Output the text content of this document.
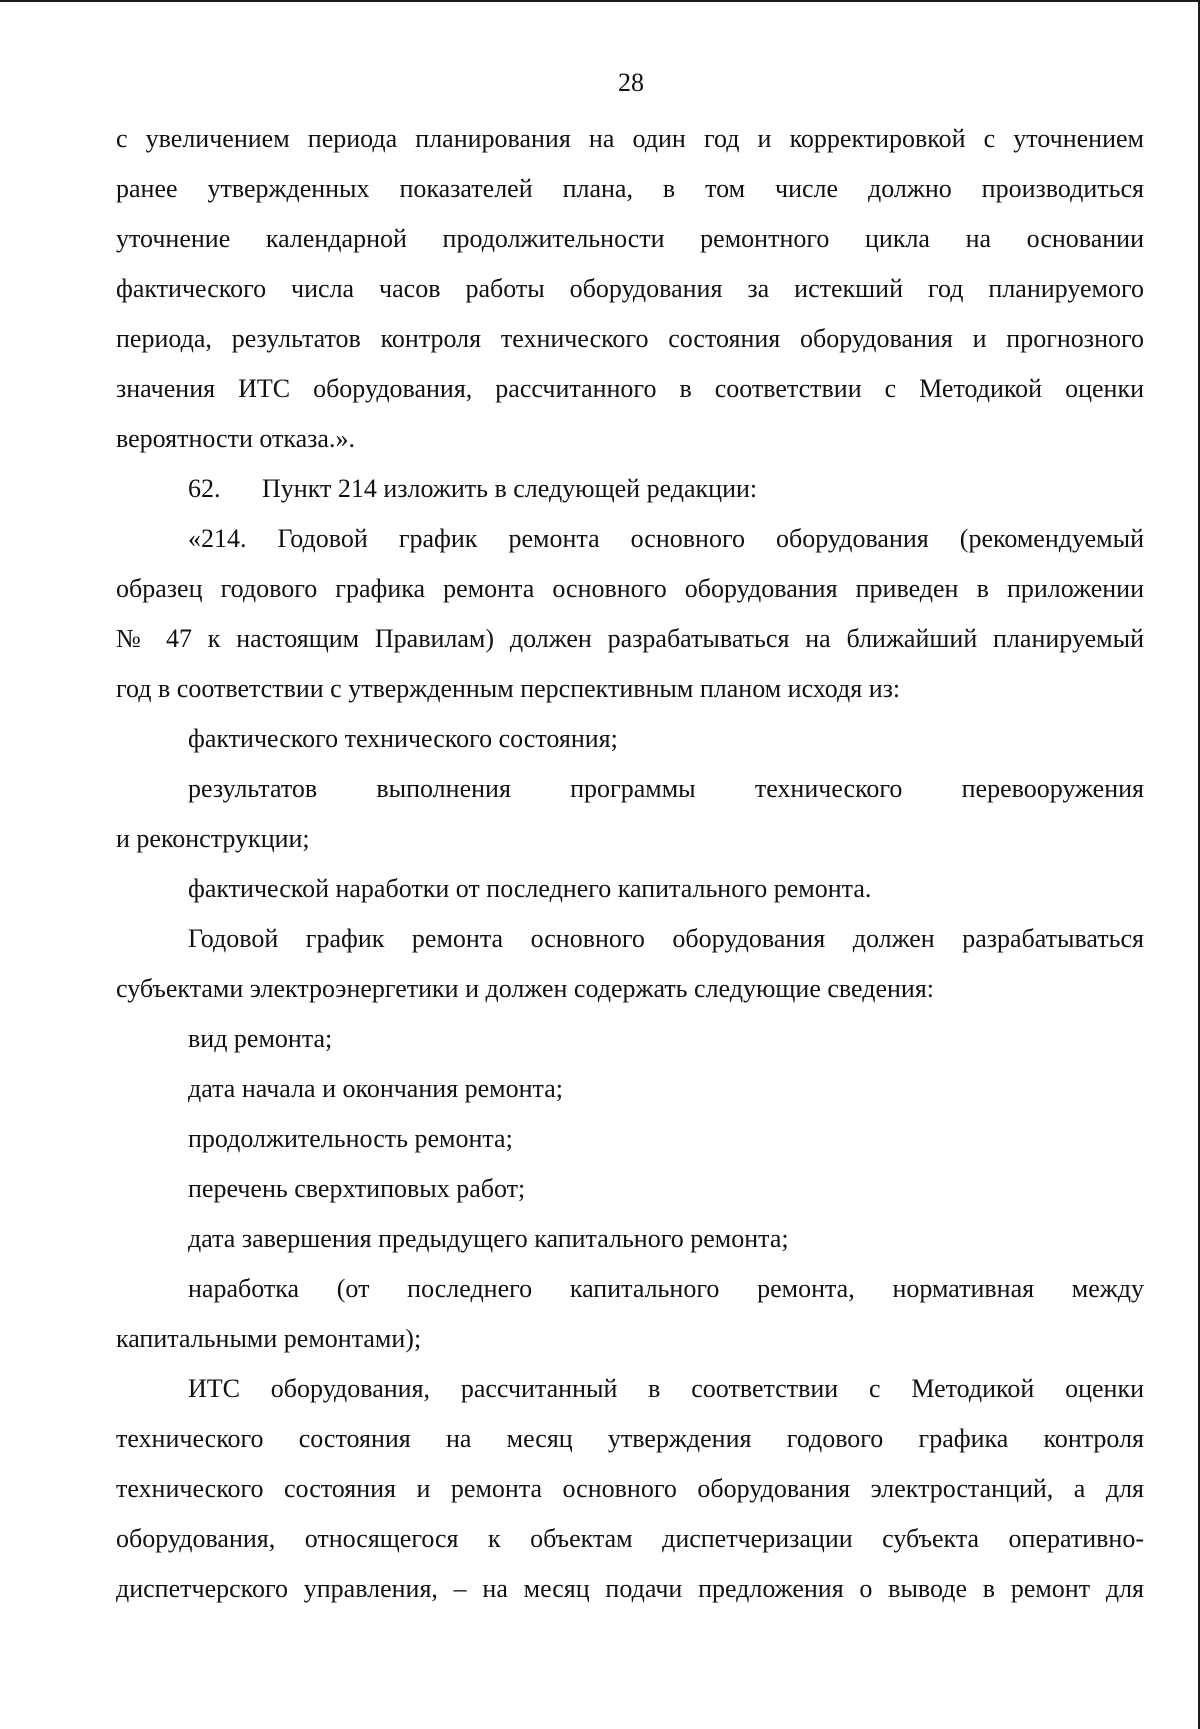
28
с увеличением периода планирования на один год и корректировкой с уточнением
ранее утвержденных показателей плана, в том числе должно производиться
уточнение календарной продолжительности ремонтного цикла на основании
фактического числа часов работы оборудования за истекший год планируемого
периода, результатов контроля технического состояния оборудования и прогнозного
значения ИТС оборудования, рассчитанного в соответствии с Методикой оценки
вероятности отказа.».
62. Пункт 214 изложить в следующей редакции:
«214. Годовой график ремонта основного оборудования (рекомендуемый
образец годового графика ремонта основного оборудования приведен в приложении
№ 47 к настоящим Правилам) должен разрабатываться на ближайший планируемый
год в соответствии с утвержденным перспективным планом исходя из:
фактического технического состояния;
результатов выполнения программы технического перевооружения
и реконструкции;
фактической наработки от последнего капитального ремонта.
Годовой график ремонта основного оборудования должен разрабатываться
субъектами электроэнергетики и должен содержать следующие сведения:
вид ремонта;
дата начала и окончания ремонта;
продолжительность ремонта;
перечень сверхтиповых работ;
дата завершения предыдущего капитального ремонта;
наработка (от последнего капитального ремонта, нормативная между
капитальными ремонтами);
ИТС оборудования, рассчитанный в соответствии с Методикой оценки
технического состояния на месяц утверждения годового графика контроля
технического состояния и ремонта основного оборудования электростанций, а для
оборудования, относящегося к объектам диспетчеризации субъекта оперативно-
диспетчерского управления, – на месяц подачи предложения о выводе в ремонт для
